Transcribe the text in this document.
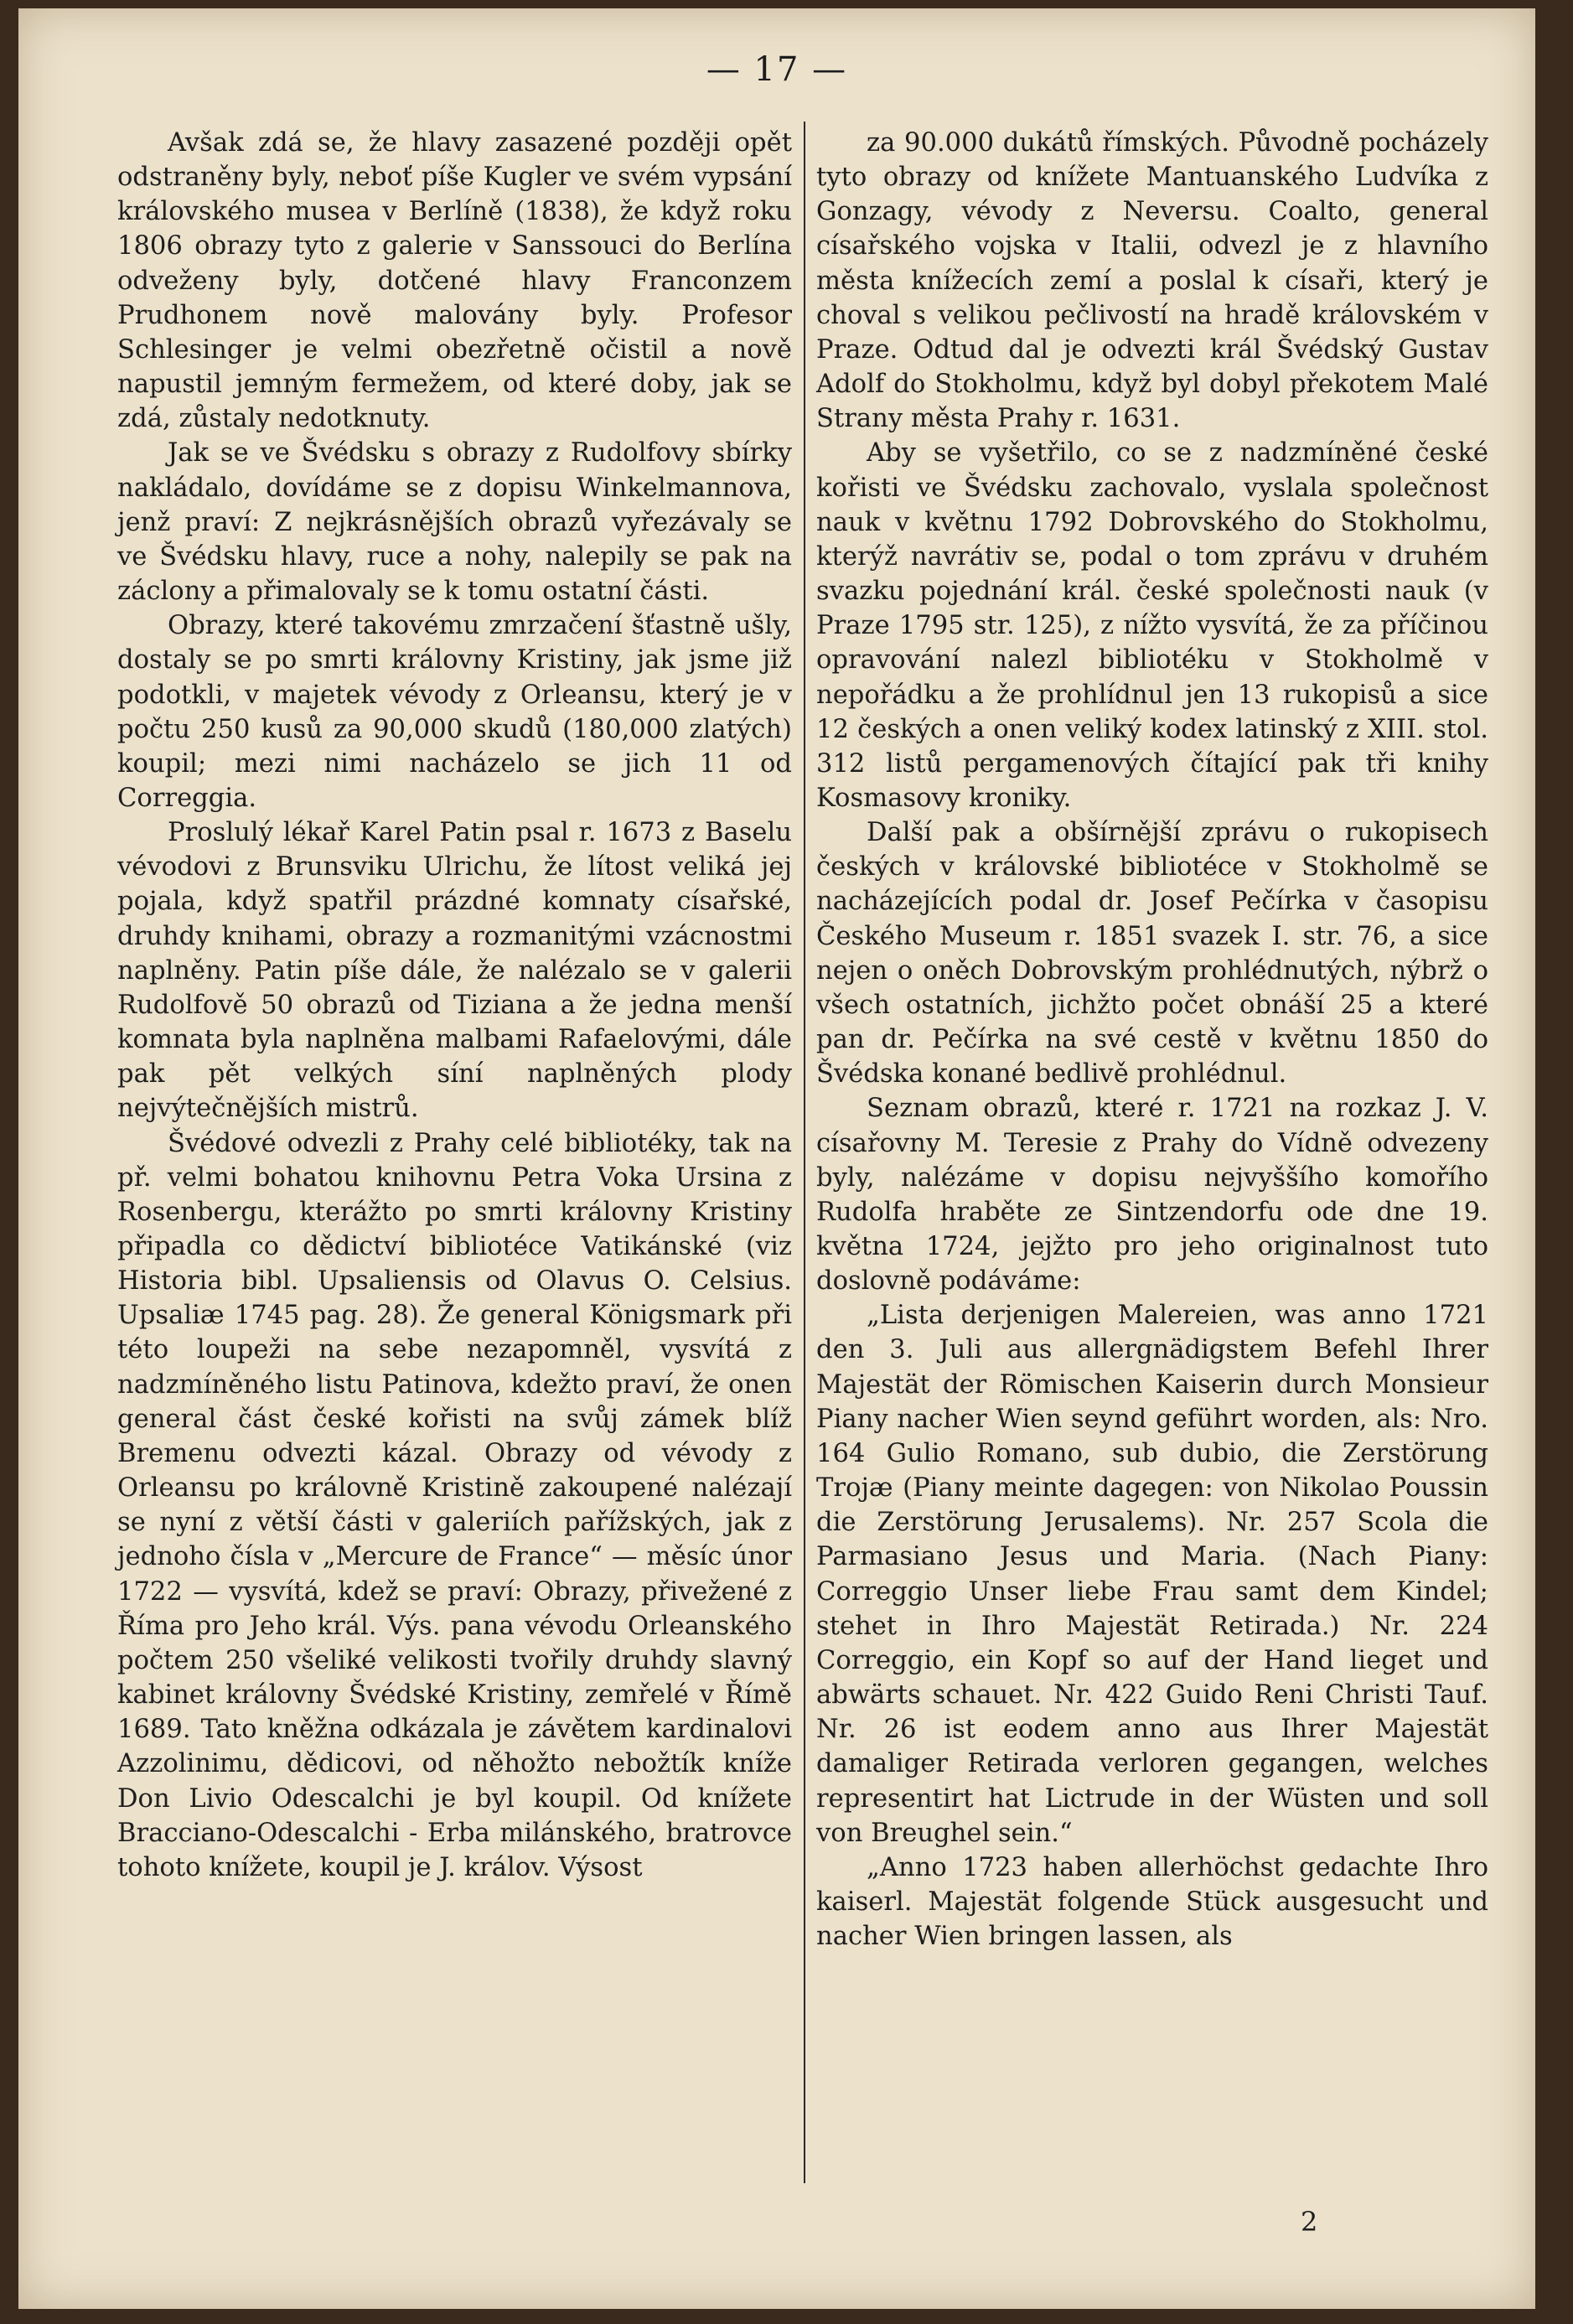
— 17 —

Avšak zdá se, že hlavy zasazené později opět odstraněny byly, neboť píše Kugler ve svém vypsání královského musea v Berlíně (1838), že když roku 1806 obrazy tyto z galerie v Sanssouci do Berlína odveženy byly, dotčené hlavy Franconzem Prudhonem nově malovány byly. Profesor Schlesinger je velmi obezřetně očistil a nově napustil jemným fermežem, od které doby, jak se zdá, zůstaly nedotknuty.

Jak se ve Švédsku s obrazy z Rudolfovy sbírky nakládalo, dovídáme se z dopisu Winkelmannova, jenž praví: Z nejkrásnějších obrazů vyřezávaly se ve Švédsku hlavy, ruce a nohy, nalepily se pak na záclony a přimalovaly se k tomu ostatní části.

Obrazy, které takovému zmrzačení šťastně ušly, dostaly se po smrti královny Kristiny, jak jsme již podotkli, v majetek vévody z Orleansu, který je v počtu 250 kusů za 90,000 skudů (180,000 zlatých) koupil; mezi nimi nacházelo se jich 11 od Correggia.

Proslulý lékař Karel Patin psal r. 1673 z Baselu vévodovi z Brunsviku Ulrichu, že lítost veliká jej pojala, když spatřil prázdné komnaty císařské, druhdy knihami, obrazy a rozmanitými vzácnostmi naplněny. Patin píše dále, že nalézalo se v galerii Rudolfově 50 obrazů od Tiziana a že jedna menší komnata byla naplněna malbami Rafaelovými, dále pak pět velkých síní naplněných plody nejvýtečnějších mistrů.

Švédové odvezli z Prahy celé bibliotéky, tak na př. velmi bohatou knihovnu Petra Voka Ursina z Rosenbergu, kterážto po smrti královny Kristiny připadla co dědictví bibliotéce Vatikánské (viz Historia bibl. Upsaliensis od Olavus O. Celsius. Upsaliæ 1745 pag. 28). Že general Königsmark při této loupeži na sebe nezapomněl, vysvítá z nadzmíněného listu Patinova, kdežto praví, že onen general část české kořisti na svůj zámek blíž Bremenu odvezti kázal. Obrazy od vévody z Orleansu po královně Kristině zakoupené nalézají se nyní z větší části v galeriích pařížských, jak z jednoho čísla v „Mercure de France“ — měsíc únor 1722 — vysvítá, kdež se praví: Obrazy, přivežené z Říma pro Jeho král. Výs. pana vévodu Orleanského počtem 250 všeliké velikosti tvořily druhdy slavný kabinet královny Švédské Kristiny, zemřelé v Římě 1689. Tato kněžna odkázala je závětem kardinalovi Azzolinimu, dědicovi, od něhožto nebožtík kníže Don Livio Odescalchi je byl koupil. Od knížete Bracciano-Odescalchi - Erba milánského, bratrovce tohoto knížete, koupil je J. králov. Výsost

za 90.000 dukátů římských. Původně pocházely tyto obrazy od knížete Mantuanského Ludvíka z Gonzagy, vévody z Neversu. Coalto, general císařského vojska v Italii, odvezl je z hlavního města knížecích zemí a poslal k císaři, který je choval s velikou pečlivostí na hradě královském v Praze. Odtud dal je odvezti král Švédský Gustav Adolf do Stokholmu, když byl dobyl překotem Malé Strany města Prahy r. 1631.

Aby se vyšetřilo, co se z nadzmíněné české kořisti ve Švédsku zachovalo, vyslala společnost nauk v květnu 1792 Dobrovského do Stokholmu, kterýž navrátiv se, podal o tom zprávu v druhém svazku pojednání král. české společnosti nauk (v Praze 1795 str. 125), z nížto vysvítá, že za příčinou opravování nalezl bibliotéku v Stokholmě v nepořádku a že prohlídnul jen 13 rukopisů a sice 12 českých a onen veliký kodex latinský z XIII. stol. 312 listů pergamenových čítající pak tři knihy Kosmasovy kroniky.

Další pak a obšírnější zprávu o rukopisech českých v královské bibliotéce v Stokholmě se nacházejících podal dr. Josef Pečírka v časopisu Českého Museum r. 1851 svazek I. str. 76, a sice nejen o oněch Dobrovským prohlédnutých, nýbrž o všech ostatních, jichžto počet obnáší 25 a které pan dr. Pečírka na své cestě v květnu 1850 do Švédska konané bedlivě prohlédnul.

Seznam obrazů, které r. 1721 na rozkaz J. V. císařovny M. Teresie z Prahy do Vídně odvezeny byly, nalézáme v dopisu nejvyššího komořího Rudolfa hraběte ze Sintzendorfu ode dne 19. května 1724, jejžto pro jeho originalnost tuto doslovně podáváme:

„Lista derjenigen Malereien, was anno 1721 den 3. Juli aus allergnädigstem Befehl Ihrer Majestät der Römischen Kaiserin durch Monsieur Piany nacher Wien seynd geführt worden, als: Nro. 164 Gulio Romano, sub dubio, die Zerstörung Trojæ (Piany meinte dagegen: von Nikolao Poussin die Zerstörung Jerusalems). Nr. 257 Scola die Parmasiano Jesus und Maria. (Nach Piany: Correggio Unser liebe Frau samt dem Kindel; stehet in Ihro Majestät Retirada.) Nr. 224 Correggio, ein Kopf so auf der Hand lieget und abwärts schauet. Nr. 422 Guido Reni Christi Tauf. Nr. 26 ist eodem anno aus Ihrer Majestät damaliger Retirada verloren gegangen, welches representirt hat Lictrude in der Wüsten und soll von Breughel sein.“

„Anno 1723 haben allerhöchst gedachte Ihro kaiserl. Majestät folgende Stück ausgesucht und nacher Wien bringen lassen, als

2
